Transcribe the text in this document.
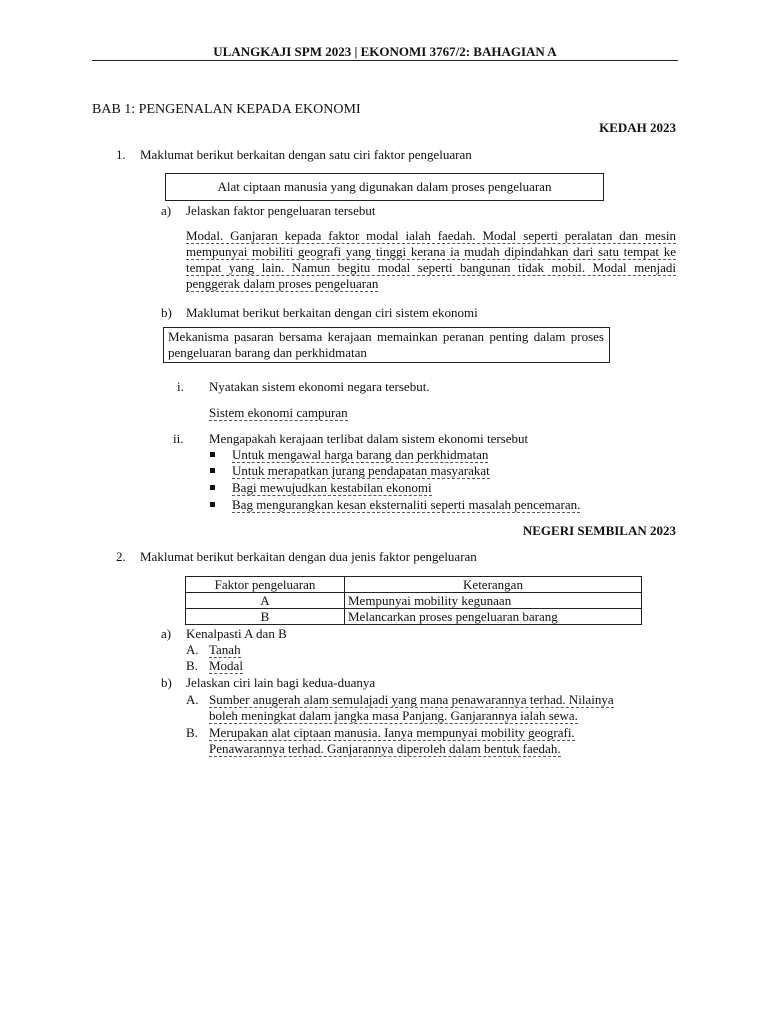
ULANGKAJI SPM 2023 | EKONOMI 3767/2: BAHAGIAN A
BAB 1: PENGENALAN KEPADA EKONOMI
KEDAH 2023
1. Maklumat berikut berkaitan dengan satu ciri faktor pengeluaran
Alat ciptaan manusia yang digunakan dalam proses pengeluaran
a) Jelaskan faktor pengeluaran tersebut
Modal. Ganjaran kepada faktor modal ialah faedah. Modal seperti peralatan dan mesin mempunyai mobiliti geografi yang tinggi kerana ia mudah dipindahkan dari satu tempat ke tempat yang lain. Namun begitu modal seperti bangunan tidak mobil. Modal menjadi penggerak dalam proses pengeluaran
b) Maklumat berikut berkaitan dengan ciri sistem ekonomi
Mekanisma pasaran bersama kerajaan memainkan peranan penting dalam proses pengeluaran barang dan perkhidmatan
i. Nyatakan sistem ekonomi negara tersebut.
Sistem ekonomi campuran
ii. Mengapakah kerajaan terlibat dalam sistem ekonomi tersebut
Untuk mengawal harga barang dan perkhidmatan
Untuk merapatkan jurang pendapatan masyarakat
Bagi mewujudkan kestabilan ekonomi
Bag mengurangkan kesan eksternaliti seperti masalah pencemaran.
NEGERI SEMBILAN 2023
2. Maklumat berikut berkaitan dengan dua jenis faktor pengeluaran
Faktor pengeluaran	Keterangan
A	Mempunyai mobility kegunaan
B	Melancarkan proses pengeluaran barang
a) Kenalpasti A dan B
A. Tanah
B. Modal
b) Jelaskan ciri lain bagi kedua-duanya
A. Sumber anugerah alam semulajadi yang mana penawarannya terhad. Nilainya
boleh meningkat dalam jangka masa Panjang. Ganjarannya ialah sewa.
B. Merupakan alat ciptaan manusia. Ianya mempunyai mobility geografi.
Penawarannya terhad. Ganjarannya diperoleh dalam bentuk faedah.
